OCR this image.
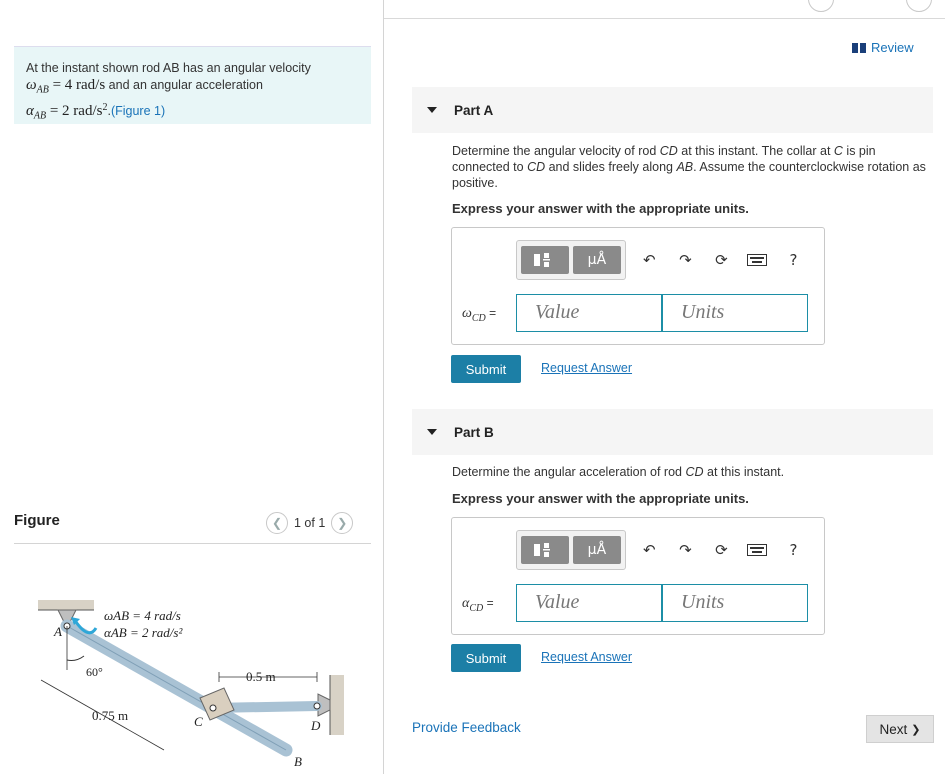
At the instant shown rod AB has an angular velocity
$\omega_{AB} = 4$ rad/s and an angular acceleration
$\alpha_{AB} = 2$ rad/$s^2.(Figure$ 1)
Figure	❮ 1 of 1 ❯
ωAB = 4 rad/s
αAB = 2 rad/s²
A
60°	0.5 m
0.75 m	C	D
B
Review
Part A
Determine the angular velocity of rod CD at this instant. The collar at C is pin connected to CD and slides freely along AB. Assume the counterclockwise rotation as positive.
Express your answer with the appropriate units.
μÅ	↶	↷	⟳	?
$\omega_{CD}$ =	Value	Units
Submit	Request Answer
Part B
Determine the angular acceleration of rod CD at this instant.
Express your answer with the appropriate units.
μÅ	↶	↷	⟳	?
$\alpha_{CD}$ =	Value	Units
Submit	Request Answer
Provide Feedback	Next ❯
